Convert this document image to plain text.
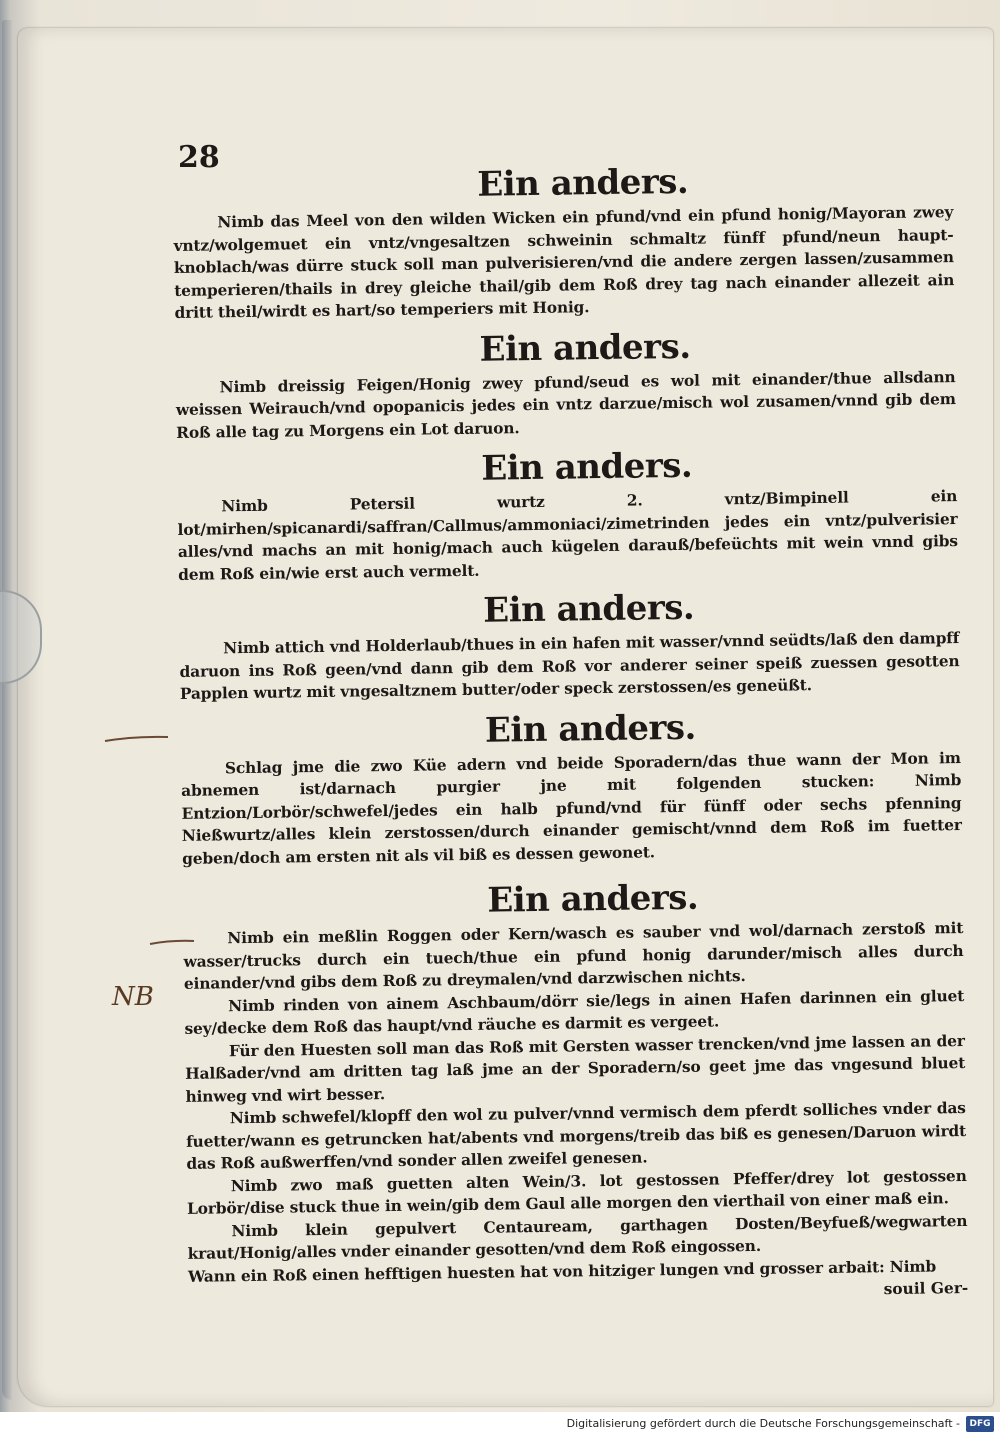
28
NB
Ein anders.

Nimb das Meel von den wilden Wicken ein pfund/vnd ein pfund honig/Mayoran zwey vntz/wolgemuet ein vntz/vngesaltzen schweinin schmaltz fünff pfund/neun haupt-knoblach/was dürre stuck soll man pulverisieren/vnd die andere zergen lassen/zusammen temperieren/thails in drey gleiche thail/gib dem Roß drey tag nach einander allezeit ain dritt theil/wirdt es hart/so temperiers mit Honig.

Ein anders.

Nimb dreissig Feigen/Honig zwey pfund/seud es wol mit einander/thue allsdann weissen Weirauch/vnd opopanicis jedes ein vntz darzue/misch wol zusamen/vnnd gib dem Roß alle tag zu Morgens ein Lot daruon.

Ein anders.

Nimb Petersil wurtz 2. vntz/Bimpinell ein lot/mirhen/spicanardi/saffran/Callmus/ammoniaci/zimetrinden jedes ein vntz/pulverisier alles/vnd machs an mit honig/mach auch kügelen darauß/befeüchts mit wein vnnd gibs dem Roß ein/wie erst auch vermelt.

Ein anders.

Nimb attich vnd Holderlaub/thues in ein hafen mit wasser/vnnd seüdts/laß den dampff daruon ins Roß geen/vnd dann gib dem Roß vor anderer seiner speiß zuessen gesotten Papplen wurtz mit vngesaltznem butter/oder speck zerstossen/es geneüßt.

Ein anders.

Schlag jme die zwo Küe adern vnd beide Sporadern/das thue wann der Mon im abnemen ist/darnach purgier jne mit folgenden stucken: Nimb Entzion/Lorbör/schwefel/jedes ein halb pfund/vnd für fünff oder sechs pfenning Nießwurtz/alles klein zerstossen/durch einander gemischt/vnnd dem Roß im fuetter geben/doch am ersten nit als vil biß es dessen gewonet.

Ein anders.

Nimb ein meßlin Roggen oder Kern/wasch es sauber vnd wol/darnach zerstoß mit wasser/trucks durch ein tuech/thue ein pfund honig darunder/misch alles durch einander/vnd gibs dem Roß zu dreymalen/vnd darzwischen nichts.

Nimb rinden von ainem Aschbaum/dörr sie/legs in ainen Hafen darinnen ein gluet sey/decke dem Roß das haupt/vnd räuche es darmit es vergeet.

Für den Huesten soll man das Roß mit Gersten wasser trencken/vnd jme lassen an der Halßader/vnd am dritten tag laß jme an der Sporadern/so geet jme das vngesund bluet hinweg vnd wirt besser.

Nimb schwefel/klopff den wol zu pulver/vnnd vermisch dem pferdt solliches vnder das fuetter/wann es getruncken hat/abents vnd morgens/treib das biß es genesen/Daruon wirdt das Roß außwerffen/vnd sonder allen zweifel genesen.

Nimb zwo maß guetten alten Wein/3. lot gestossen Pfeffer/drey lot gestossen Lorbör/dise stuck thue in wein/gib dem Gaul alle morgen den vierthail von einer maß ein.

Nimb klein gepulvert Centauream, garthagen Dosten/Beyfueß/wegwarten kraut/Honig/alles vnder einander gesotten/vnd dem Roß eingossen.

Wann ein Roß einen hefftigen huesten hat von hitziger lungen vnd grosser arbait: Nimb

souil Ger-

Digitalisierung gefördert durch die Deutsche Forschungsgemeinschaft -	DFG
